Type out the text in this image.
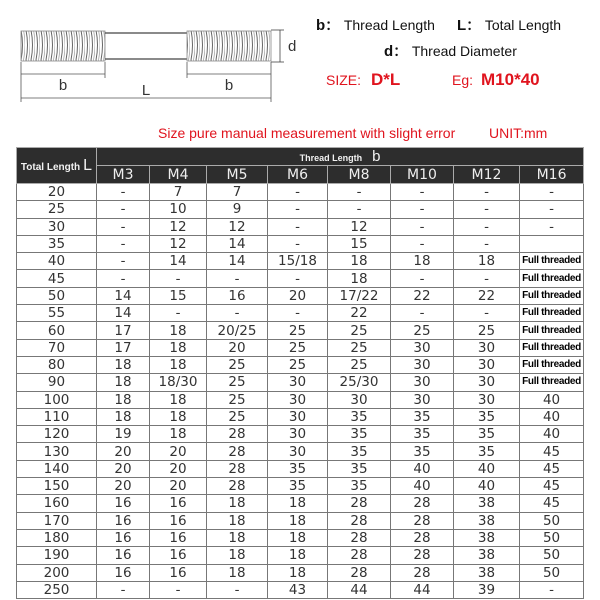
b	b
L
d
b： Thread Length L： Total Length
d： Thread Diameter
SIZE: D*L	Eg: M10*40
Size pure manual measurement with slight error UNIT:mm
Total Length L	Thread Length b							
	M3	M4	M5	M6	M8	M10	M12	M16
20	-	7	7	-	-	-	-	-
25	-	10	9	-	-	-	-	-
30	-	12	12	-	12	-	-	-
35	-	12	14	-	15	-	-	
40	-	14	14	15/18	18	18	18	Full threaded
45	-	-	-	-	18	-	-	Full threaded
50	14	15	16	20	17/22	22	22	Full threaded
55	14	-	-	-	22	-	-	Full threaded
60	17	18	20/25	25	25	25	25	Full threaded
70	17	18	20	25	25	30	30	Full threaded
80	18	18	25	25	25	30	30	Full threaded
90	18	18/30	25	30	25/30	30	30	Full threaded
100	18	18	25	30	30	30	30	40
110	18	18	25	30	35	35	35	40
120	19	18	28	30	35	35	35	40
130	20	20	28	30	35	35	35	45
140	20	20	28	35	35	40	40	45
150	20	20	28	35	35	40	40	45
160	16	16	18	18	28	28	38	45
170	16	16	18	18	28	28	38	50
180	16	16	18	18	28	28	38	50
190	16	16	18	18	28	28	38	50
200	16	16	18	18	28	28	38	50
250	-	-	-	43	44	44	39	-
